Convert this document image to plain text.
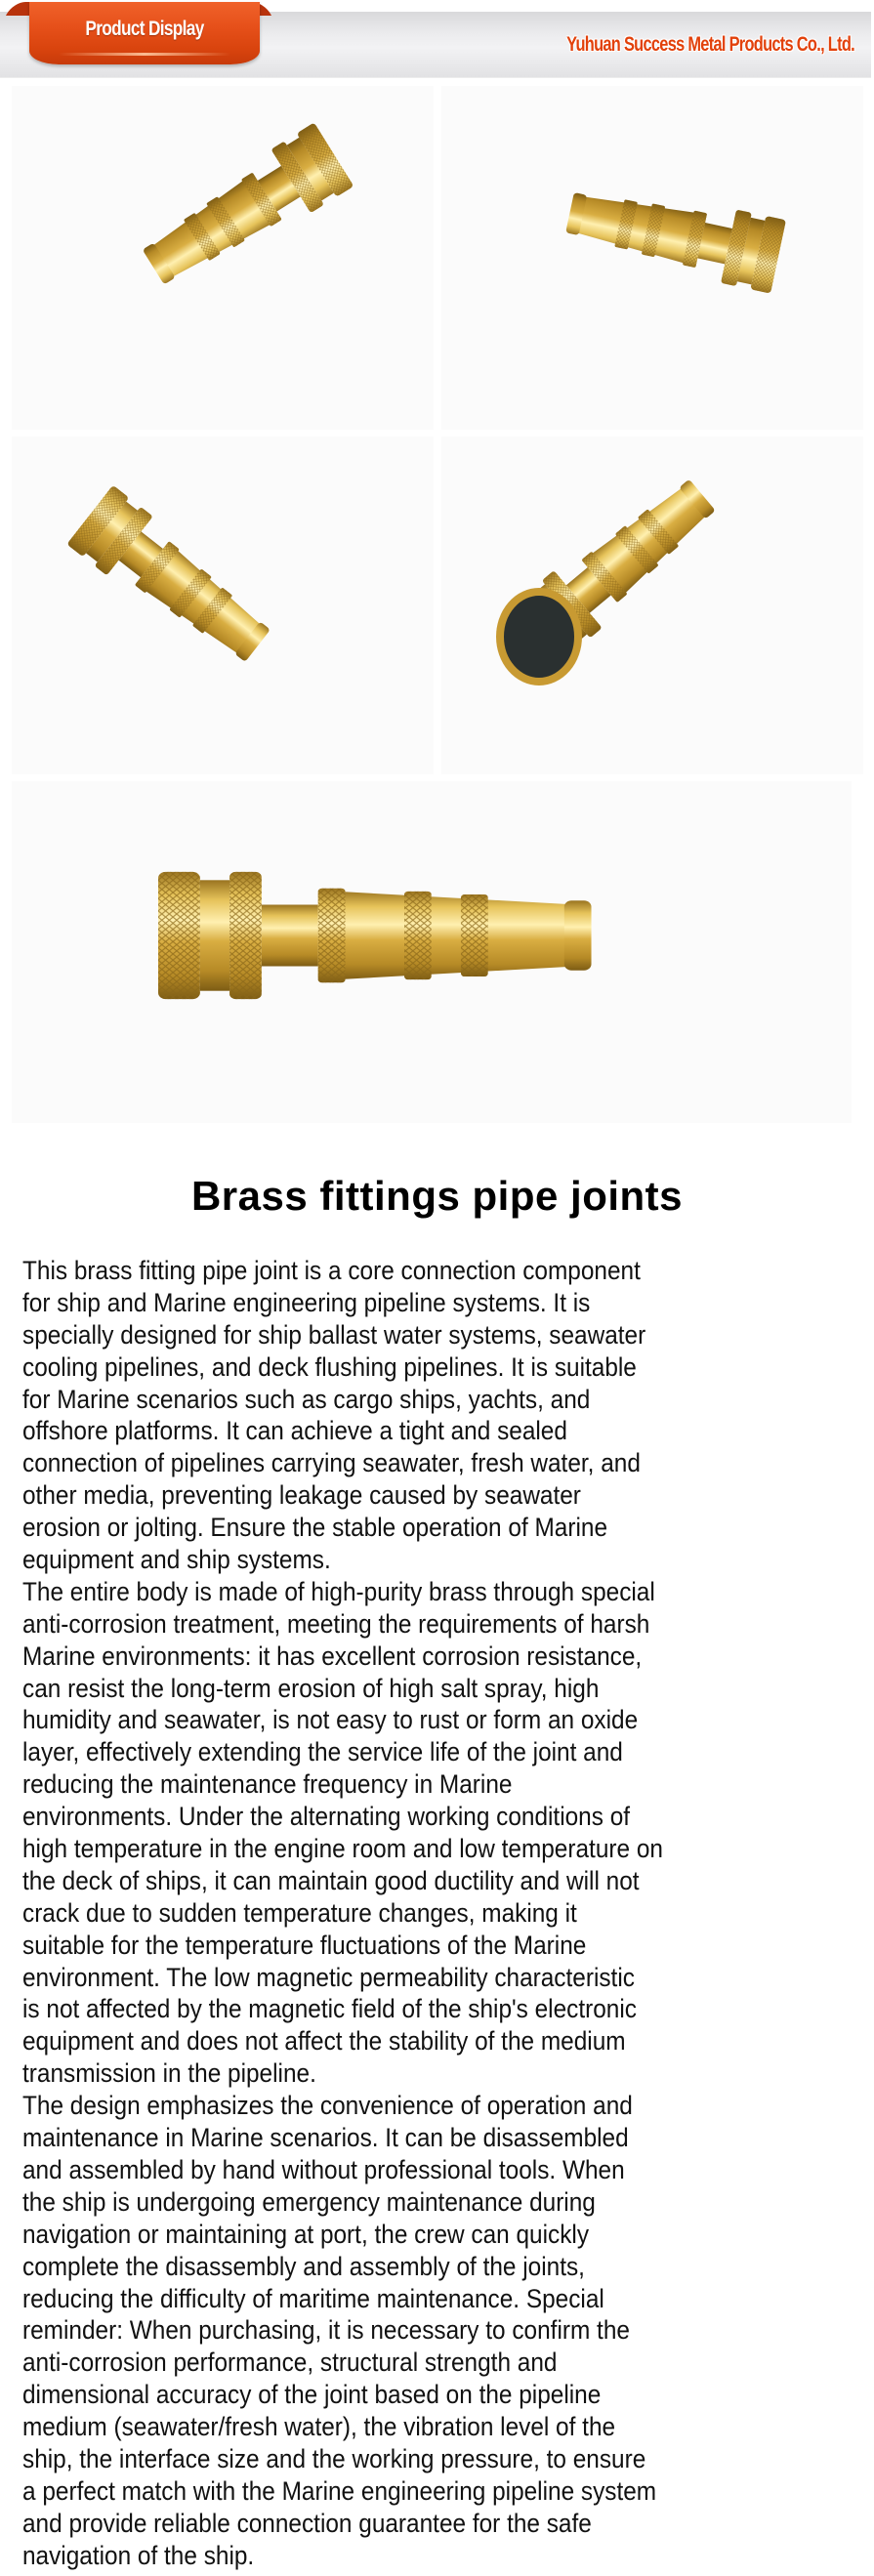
Product Display
Yuhuan Success Metal Products Co., Ltd.
Brass fittings pipe joints
This brass fitting pipe joint is a core connection component
for ship and Marine engineering pipeline systems. It is
specially designed for ship ballast water systems, seawater
cooling pipelines, and deck flushing pipelines. It is suitable
for Marine scenarios such as cargo ships, yachts, and
offshore platforms. It can achieve a tight and sealed
connection of pipelines carrying seawater, fresh water, and
other media, preventing leakage caused by seawater
erosion or jolting. Ensure the stable operation of Marine
equipment and ship systems.
The entire body is made of high-purity brass through special
anti-corrosion treatment, meeting the requirements of harsh
Marine environments: it has excellent corrosion resistance,
can resist the long-term erosion of high salt spray, high
humidity and seawater, is not easy to rust or form an oxide
layer, effectively extending the service life of the joint and
reducing the maintenance frequency in Marine
environments. Under the alternating working conditions of
high temperature in the engine room and low temperature on
the deck of ships, it can maintain good ductility and will not
crack due to sudden temperature changes, making it
suitable for the temperature fluctuations of the Marine
environment. The low magnetic permeability characteristic
is not affected by the magnetic field of the ship's electronic
equipment and does not affect the stability of the medium
transmission in the pipeline.
The design emphasizes the convenience of operation and
maintenance in Marine scenarios. It can be disassembled
and assembled by hand without professional tools. When
the ship is undergoing emergency maintenance during
navigation or maintaining at port, the crew can quickly
complete the disassembly and assembly of the joints,
reducing the difficulty of maritime maintenance. Special
reminder: When purchasing, it is necessary to confirm the
anti-corrosion performance, structural strength and
dimensional accuracy of the joint based on the pipeline
medium (seawater/fresh water), the vibration level of the
ship, the interface size and the working pressure, to ensure
a perfect match with the Marine engineering pipeline system
and provide reliable connection guarantee for the safe
navigation of the ship.
